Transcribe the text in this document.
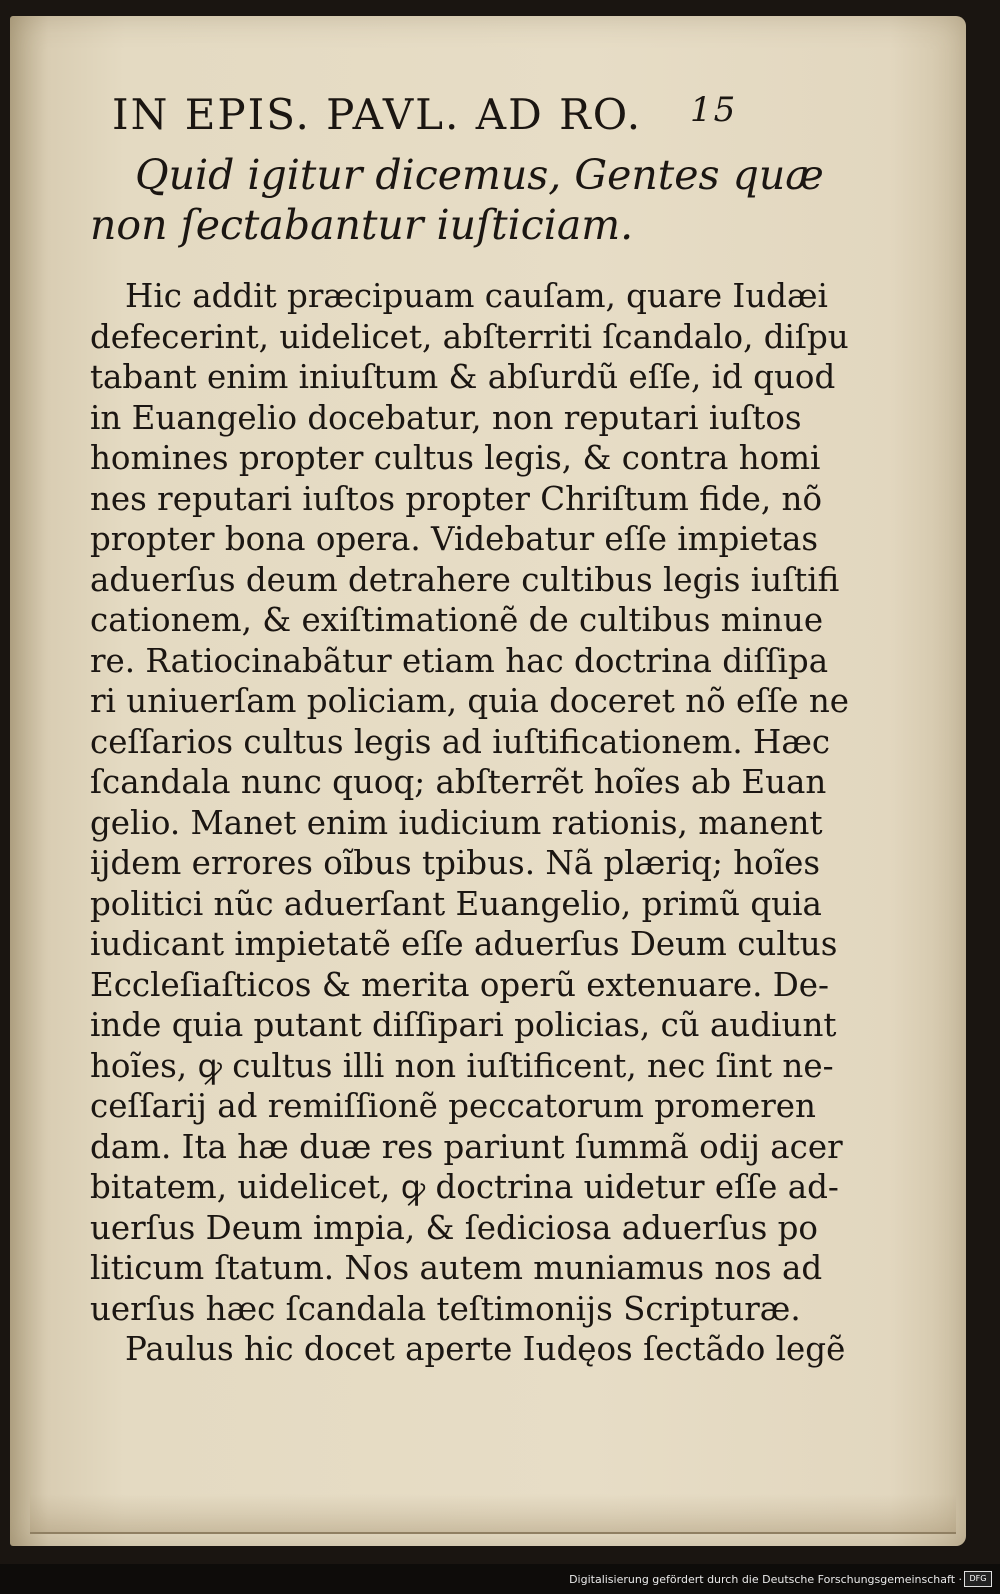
IN EPIS. PAVL. AD RO. 15
Quid igitur dicemus, Gentes quæ
non ſectabantur iuſticiam.
Hic addit præcipuam cauſam, quare Iudæi
defecerint, uidelicet, abſterriti ſcandalo, diſpu
tabant enim iniuſtum & abſurdũ eſſe, id quod
in Euangelio docebatur, non reputari iuſtos
homines propter cultus legis, & contra homi
nes reputari iuſtos propter Chriſtum fide, nõ
propter bona opera. Videbatur eſſe impietas
aduerſus deum detrahere cultibus legis iuſtifi
cationem, & exiſtimationẽ de cultibus minue
re. Ratiocinabãtur etiam hac doctrina diſſipa
ri uniuerſam policiam, quia doceret nõ eſſe ne
ceſſarios cultus legis ad iuſtificationem. Hæc
ſcandala nunc quoq; abſterrẽt hoĩes ab Euan
gelio. Manet enim iudicium rationis, manent
ijdem errores oĩbus tpibus. Nã plæriq; hoĩes
politici nũc aduerſant Euangelio, primũ quia
iudicant impietatẽ eſſe aduerſus Deum cultus
Eccleſiaſticos & merita operũ extenuare. De-
inde quia putant diſſipari policias, cũ audiunt
hoĩes, ꝙ cultus illi non iuſtificent, nec ſint ne-
ceſſarij ad remiſſionẽ peccatorum promeren
dam. Ita hæ duæ res pariunt ſummã odij acer
bitatem, uidelicet, ꝙ doctrina uidetur eſſe ad-
uerſus Deum impia, & ſediciosa aduerſus po
liticum ſtatum. Nos autem muniamus nos ad
uerſus hæc ſcandala teſtimonijs Scripturæ.
Paulus hic docet aperte Iudęos ſectãdo legẽ
Digitalisierung gefördert durch die Deutsche Forschungsgemeinschaft · DFG
